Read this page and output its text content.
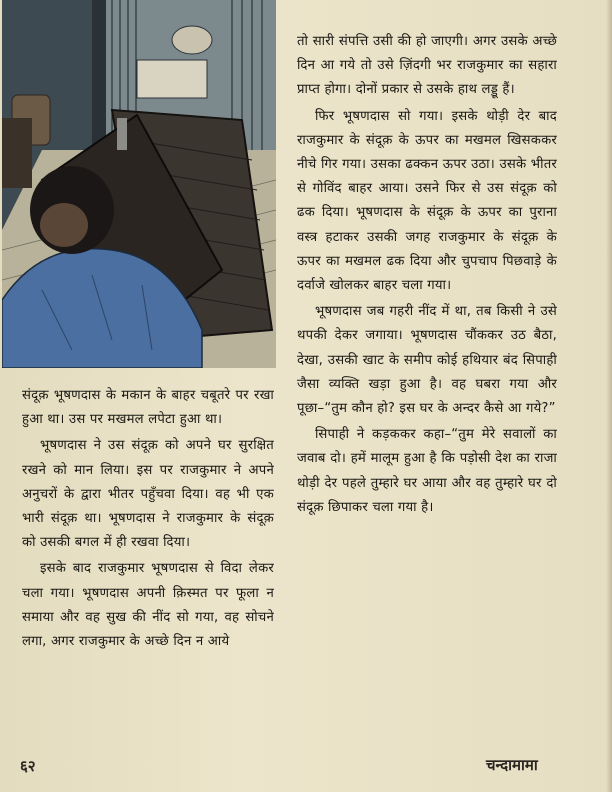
संदूक़ भूषणदास के मकान के बाहर चबूतरे पर रखा हुआ था। उस पर मखमल लपेटा हुआ था।

भूषणदास ने उस संदूक़ को अपने घर सुरक्षित रखने को मान लिया। इस पर राजकुमार ने अपने अनुचरों के द्वारा भीतर पहुँचवा दिया। वह भी एक भारी संदूक़ था। भूषणदास ने राजकुमार के संदूक़ को उसकी बगल में ही रखवा दिया।

इसके बाद राजकुमार भूषणदास से विदा लेकर चला गया। भूषणदास अपनी क़िस्मत पर फूला न समाया और वह सुख की नींद सो गया, वह सोचने लगा, अगर राजकुमार के अच्छे दिन न आये

तो सारी संपत्ति उसी की हो जाएगी। अगर उसके अच्छे दिन आ गये तो उसे ज़िंदगी भर राजकुमार का सहारा प्राप्त होगा। दोनों प्रकार से उसके हाथ लड्डू हैं।

फिर भूषणदास सो गया। इसके थोड़ी देर बाद राजकुमार के संदूक़ के ऊपर का मखमल खिसककर नीचे गिर गया। उसका ढक्कन ऊपर उठा। उसके भीतर से गोविंद बाहर आया। उसने फिर से उस संदूक़ को ढक दिया। भूषणदास के संदूक़ के ऊपर का पुराना वस्त्र हटाकर उसकी जगह राजकुमार के संदूक़ के ऊपर का मखमल ढक दिया और चुपचाप पिछवाड़े के दर्वाजे खोलकर बाहर चला गया।

भूषणदास जब गहरी नींद में था, तब किसी ने उसे थपकी देकर जगाया। भूषणदास चौंककर उठ बैठा, देखा, उसकी खाट के समीप कोई हथियार बंद सिपाही जैसा व्यक्ति खड़ा हुआ है। वह घबरा गया और पूछा–“तुम कौन हो? इस घर के अन्दर कैसे आ गये?”

सिपाही ने कड़ककर कहा–“तुम मेरे सवालों का जवाब दो। हमें मालूम हुआ है कि पड़ोसी देश का राजा थोड़ी देर पहले तुम्हारे घर आया और वह तुम्हारे घर दो संदूक़ छिपाकर चला गया है।

६२	चन्दामामा
